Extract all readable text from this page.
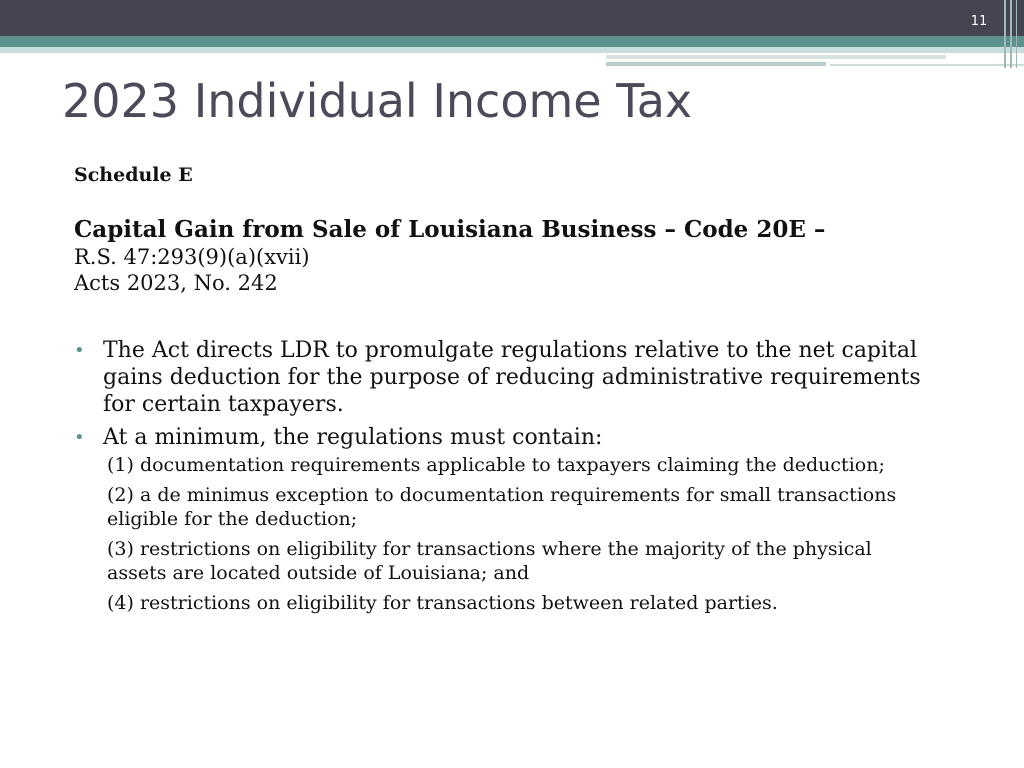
11
2023 Individual Income Tax

Schedule E

Capital Gain from Sale of Louisiana Business – Code 20E –
R.S. 47:293(9)(a)(xvii)
Acts 2023, No. 242
• The Act directs LDR to promulgate regulations relative to the net capital gains deduction for the purpose of reducing administrative requirements for certain taxpayers.
• At a minimum, the regulations must contain:
(1) documentation requirements applicable to taxpayers claiming the deduction;
(2) a de minimus exception to documentation requirements for small transactions eligible for the deduction;
(3) restrictions on eligibility for transactions where the majority of the physical assets are located outside of Louisiana; and
(4) restrictions on eligibility for transactions between related parties.
